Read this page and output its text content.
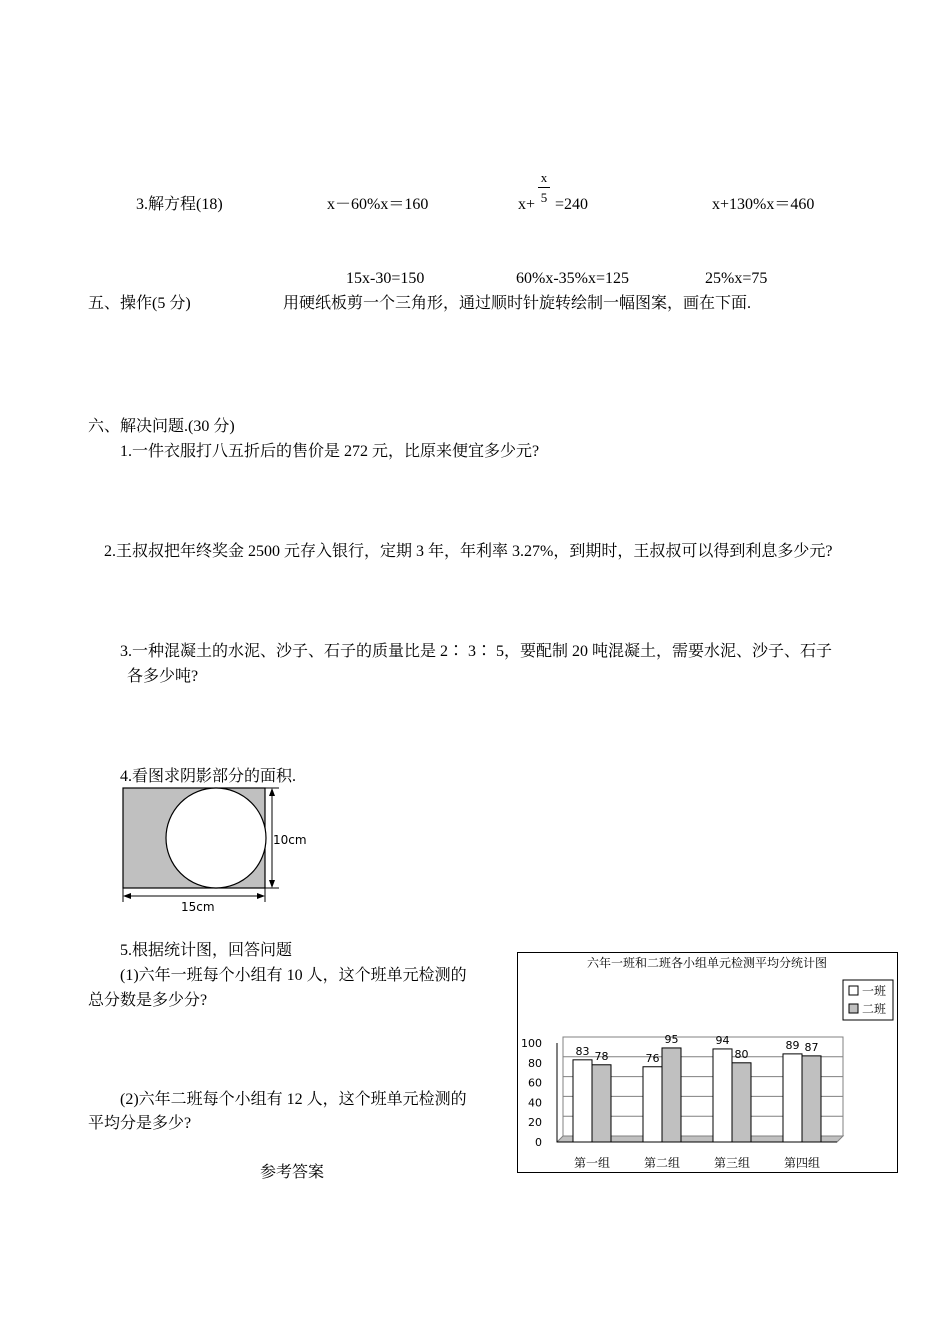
3.解方程(18)	x－60%x＝160	x+
x
5 =240	x+130%x＝460
15x-30=150	60%x-35%x=125	25%x=75
五、操作(5 分)	用硬纸板剪一个三角形，通过顺时针旋转绘制一幅图案，画在下面.
六、解决问题.(30 分)
1.一件衣服打八五折后的售价是 272 元，比原来便宜多少元?
2.王叔叔把年终奖金 2500 元存入银行，定期 3 年，年利率 3.27%，到期时，王叔叔可以得到利息多少元?
3.一种混凝土的水泥、沙子、石子的质量比是 2∶ 3∶ 5，要配制 20 吨混凝土，需要水泥、沙子、石子
各多少吨?
4.看图求阴影部分的面积.
10cm
15cm
5.根据统计图，回答问题
(1)六年一班每个小组有 10 人，这个班单元检测的
总分数是多少分?
(2)六年二班每个小组有 12 人，这个班单元检测的
平均分是多少?
参考答案
六年一班和二班各小组单元检测平均分统计图
一班
二班
0
20
40
60
80
100
83 78
第一组
76
95
第二组
94
80
第三组
89 87
第四组
